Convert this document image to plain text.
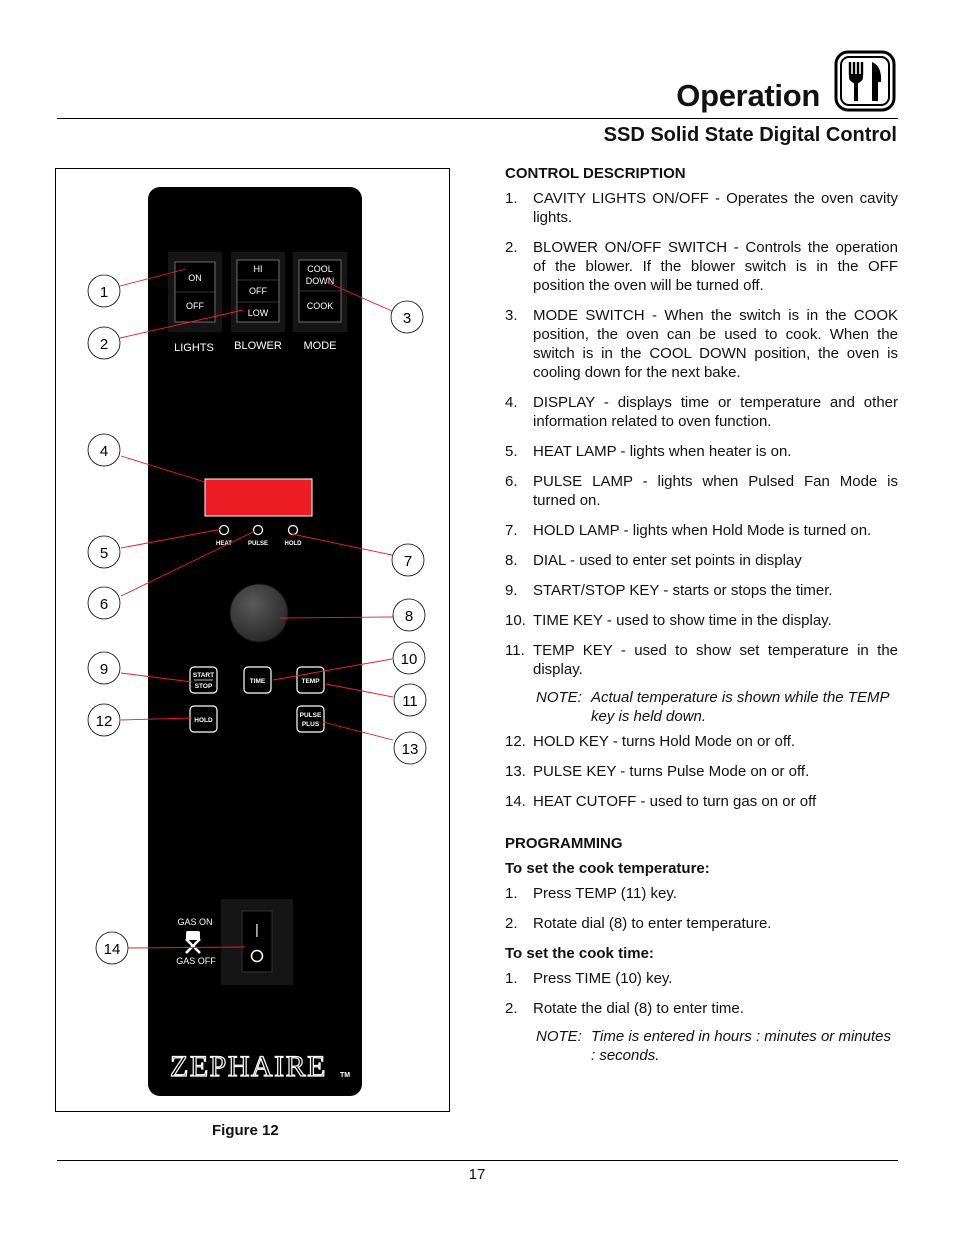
Operation
SSD Solid State Digital Control
ON
OFF
LIGHTS
HI
OFF
LOW
BLOWER
COOL
DOWN
COOK
MODE
HEAT	PULSE	HOLD
START
STOP
TIME	TEMP
HOLD
PULSE
PLUS
GAS ON
GAS OFF
|
ZEPHAIRE TM
1
2
3
4
5
6
7
8
9
10
11
12
13
14
Figure 12
CONTROL DESCRIPTION
1.	CAVITY LIGHTS ON/OFF - Operates the oven cavity lights.
2.	BLOWER ON/OFF SWITCH - Controls the operation of the blower. If the blower switch is in the OFF position the oven will be turned off.
3.	MODE SWITCH - When the switch is in the COOK position, the oven can be used to cook. When the switch is in the COOL DOWN position, the oven is cooling down for the next bake.
4.	DISPLAY - displays time or temperature and other information related to oven function.
5.	HEAT LAMP - lights when heater is on.
6.	PULSE LAMP - lights when Pulsed Fan Mode is turned on.
7.	HOLD LAMP - lights when Hold Mode is turned on.
8.	DIAL - used to enter set points in display
9.	START/STOP KEY - starts or stops the timer.
10. TIME KEY - used to show time in the display.
11. TEMP KEY - used to show set temperature in the display.
NOTE: Actual temperature is shown while the TEMP key is held down.
12. HOLD KEY - turns Hold Mode on or off.
13. PULSE KEY - turns Pulse Mode on or off.
14. HEAT CUTOFF - used to turn gas on or off
PROGRAMMING
To set the cook temperature:
1.	Press TEMP (11) key.
2.	Rotate dial (8) to enter temperature.
To set the cook time:
1.	Press TIME (10) key.
2.	Rotate the dial (8) to enter time.
NOTE: Time is entered in hours : minutes or minutes : seconds.
17
